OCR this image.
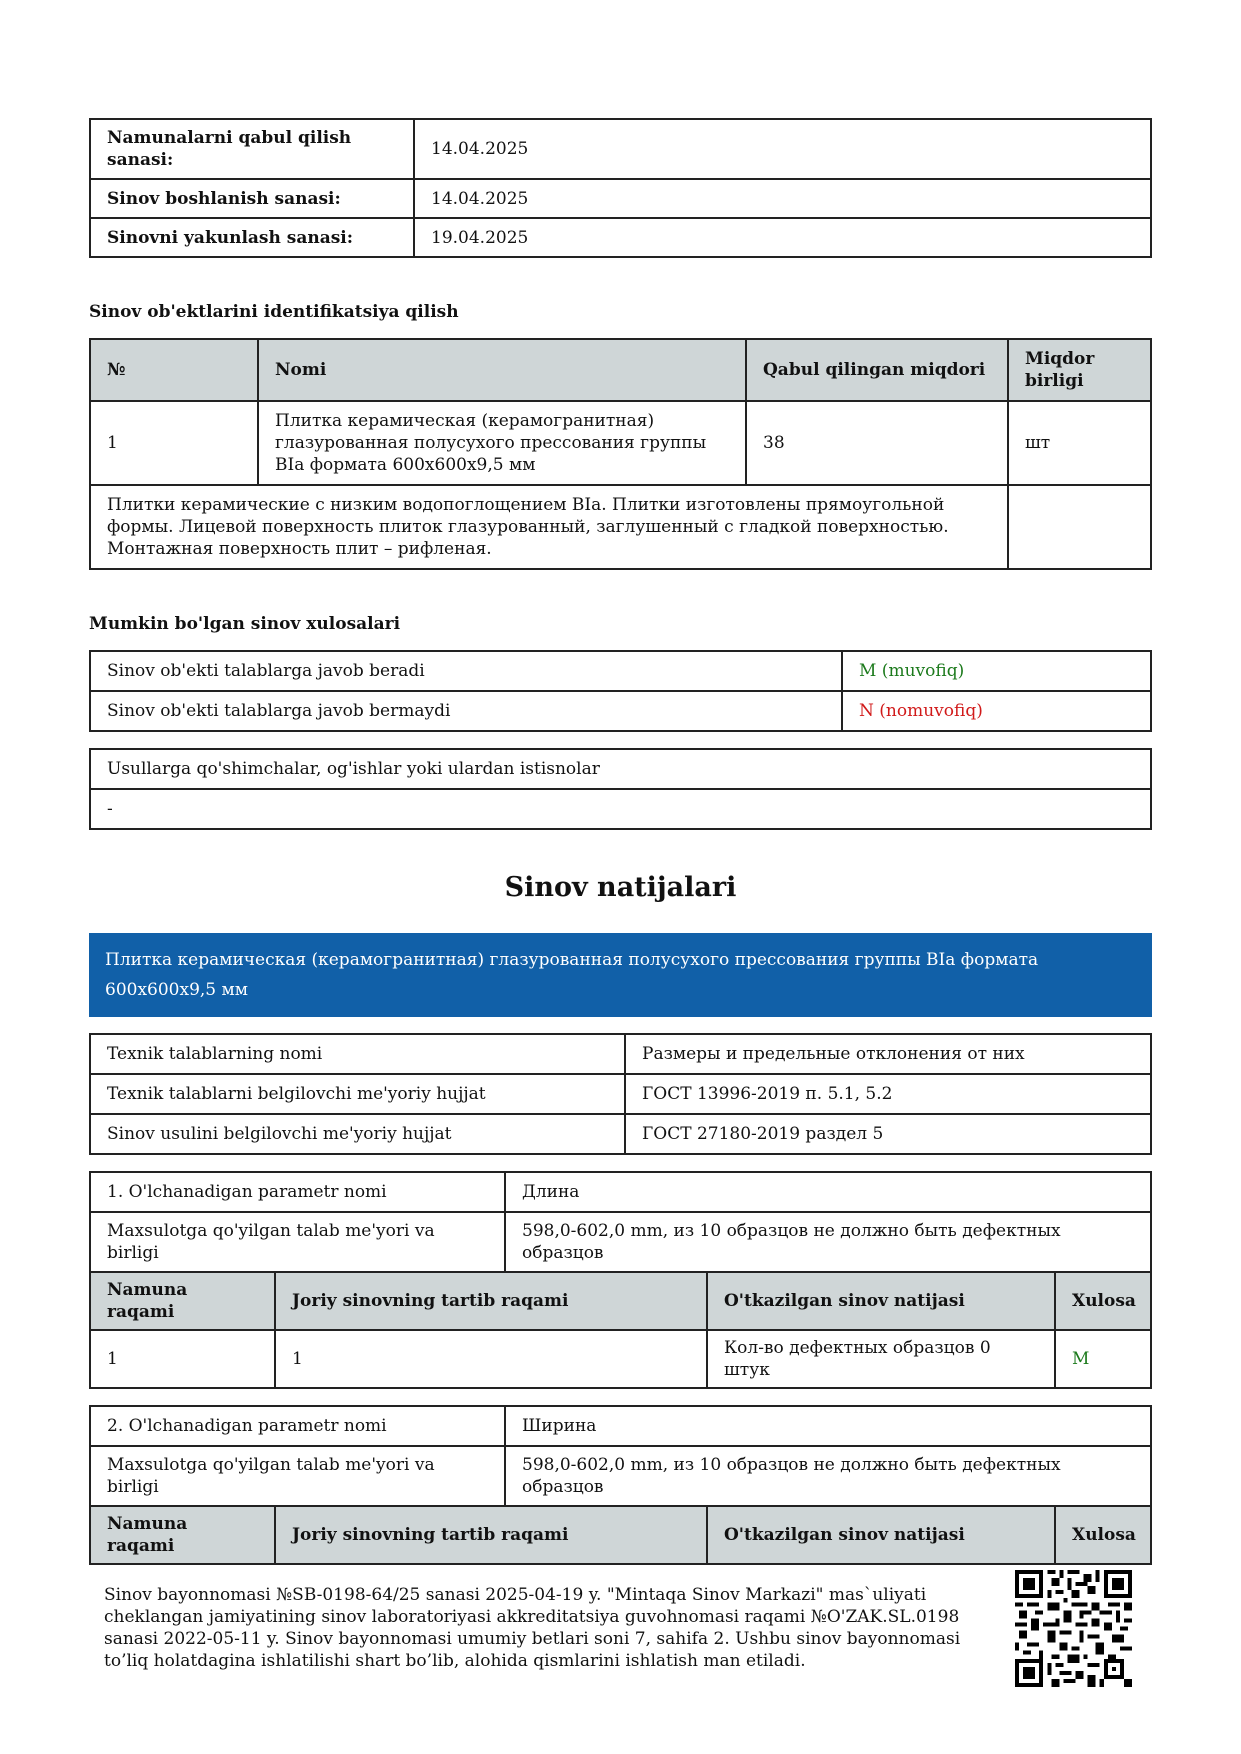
Namunalarni qabul qilish sanasi:	14.04.2025
Sinov boshlanish sanasi:	14.04.2025
Sinovni yakunlash sanasi:	19.04.2025

Sinov ob'ektlarini identifikatsiya qilish

№	Nomi	Qabul qilingan miqdori	Miqdor birligi
1	Плитка керамическая (керамогранитная) глазурованная полусухого прессования группы BIa формата 600x600x9,5 мм	38	шт
Плитки керамические с низким водопоглощением BIa. Плитки изготовлены прямоугольной формы. Лицевой поверхность плиток глазурованный, заглушенный с гладкой поверхностью. Монтажная поверхность плит – рифленая.			

Mumkin bo'lgan sinov xulosalari

Sinov ob'ekti talablarga javob beradi	M (muvofiq)
Sinov ob'ekti talablarga javob bermaydi	N (nomuvofiq)
Usullarga qo'shimchalar, og'ishlar yoki ulardan istisnolar
-
Sinov natijalari
Плитка керамическая (керамогранитная) глазурованная полусухого прессования группы BIa формата 600x600x9,5 мм
Texnik talablarning nomi	Размеры и предельные отклонения от них
Texnik talablarni belgilovchi me'yoriy hujjat	ГОСТ 13996-2019 п. 5.1, 5.2
Sinov usulini belgilovchi me'yoriy hujjat	ГОСТ 27180-2019 раздел 5
1. O'lchanadigan parametr nomi		Длина		
Maxsulotga qo'yilgan talab me'yori va birligi		598,0-602,0 mm, из 10 образцов не должно быть дефектных образцов		
Namuna raqami	Joriy sinovning tartib raqami		O'tkazilgan sinov natijasi	Xulosa
1	1		Кол-во дефектных образцов 0 штук	M
2. O'lchanadigan parametr nomi		Ширина		
Maxsulotga qo'yilgan talab me'yori va birligi		598,0-602,0 mm, из 10 образцов не должно быть дефектных образцов		
Namuna raqami	Joriy sinovning tartib raqami		O'tkazilgan sinov natijasi	Xulosa
Sinov bayonnomasi №SB-0198-64/25 sanasi 2025-04-19 y. "Mintaqa Sinov Markazi" mas`uliyati cheklangan jamiyatining sinov laboratoriyasi akkreditatsiya guvohnomasi raqami №O'ZAK.SL.0198 sanasi 2022-05-11 y. Sinov bayonnomasi umumiy betlari soni 7, sahifa 2. Ushbu sinov bayonnomasi to’liq holatdagina ishlatilishi shart bo’lib, alohida qismlarini ishlatish man etiladi.
